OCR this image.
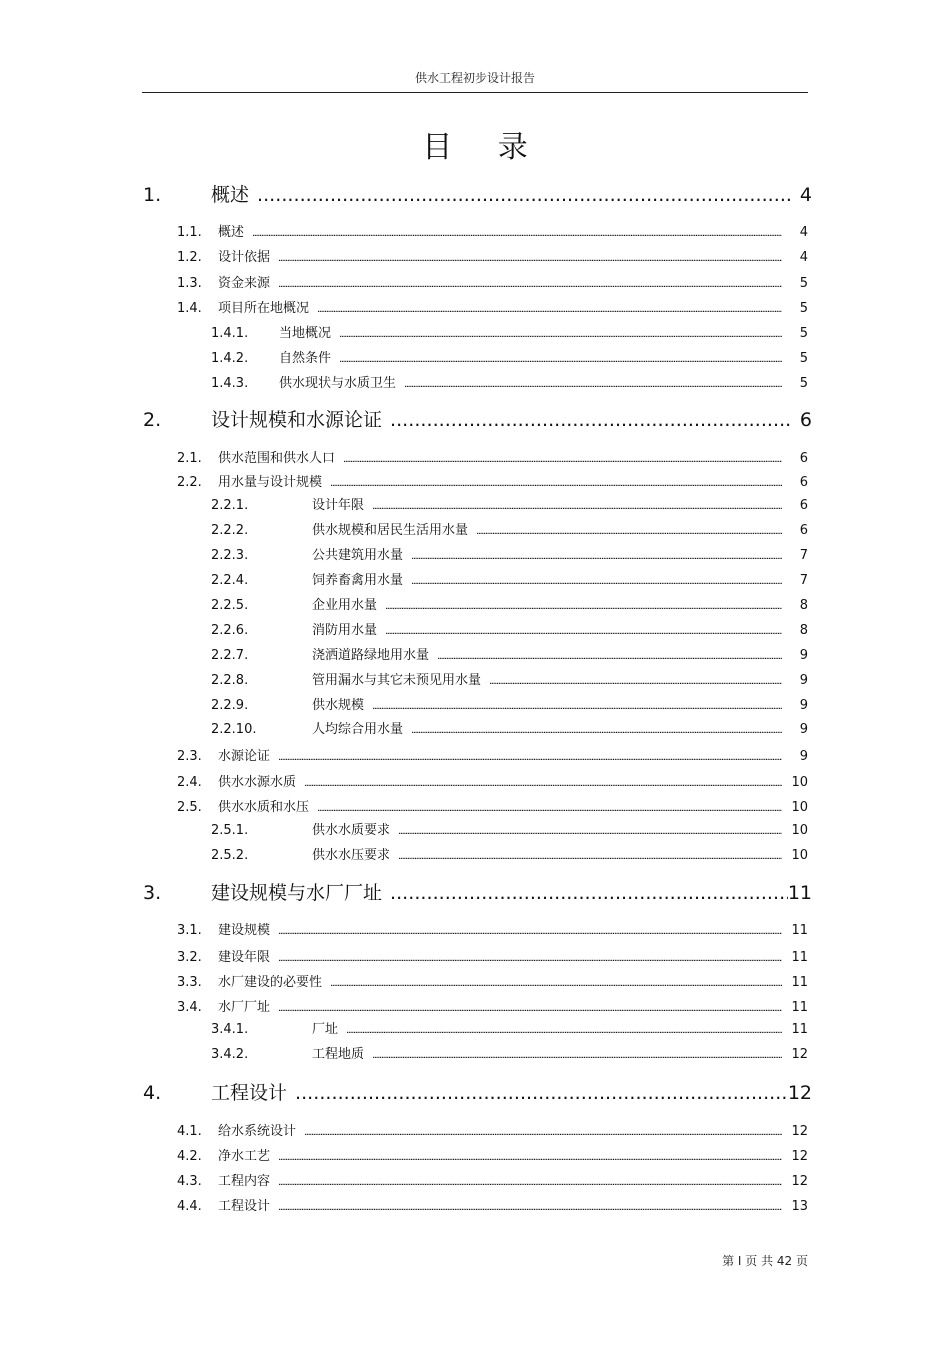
供水工程初步设计报告
目 录
1.	概述 . . .	4
1.1.	概述 . . .	4
1.2.	设计依据 . . .	4
1.3.	资金来源 . . .	5
1.4.	项目所在地概况 . . .	5
1.4.1.	当地概况 . . .	5
1.4.2.	自然条件 . . .	5
1.4.3.	供水现状与水质卫生 . . .	5
2.	设计规模和水源论证 . . .	6
2.1.	供水范围和供水人口 . . .	6
2.2.	用水量与设计规模 . . .	6
2.2.1.	设计年限 . . .	6
2.2.2.	供水规模和居民生活用水量 . . .	6
2.2.3.	公共建筑用水量 . . .	7
2.2.4.	饲养畜禽用水量 . . .	7
2.2.5.	企业用水量 . . .	8
2.2.6.	消防用水量 . . .	8
2.2.7.	浇洒道路绿地用水量 . . .	9
2.2.8.	管用漏水与其它未预见用水量 . . .	9
2.2.9.	供水规模 . . .	9
2.2.10.	人均综合用水量 . . .	9
2.3.	水源论证 . . .	9
2.4.	供水水源水质 . . .	10
2.5.	供水水质和水压 . . .	10
2.5.1.	供水水质要求 . . .	10
2.5.2.	供水水压要求 . . .	10
3.	建设规模与水厂厂址 . . .	11
3.1.	建设规模 . . .	11
3.2.	建设年限 . . .	11
3.3.	水厂建设的必要性 . . .	11
3.4.	水厂厂址 . . .	11
3.4.1.	厂址 . . .	11
3.4.2.	工程地质 . . .	12
4.	工程设计 . . .	12
4.1.	给水系统设计 . . .	12
4.2.	净水工艺 . . .	12
4.3.	工程内容 . . .	12
4.4.	工程设计 . . .	13
第 I 页 共 42 页
